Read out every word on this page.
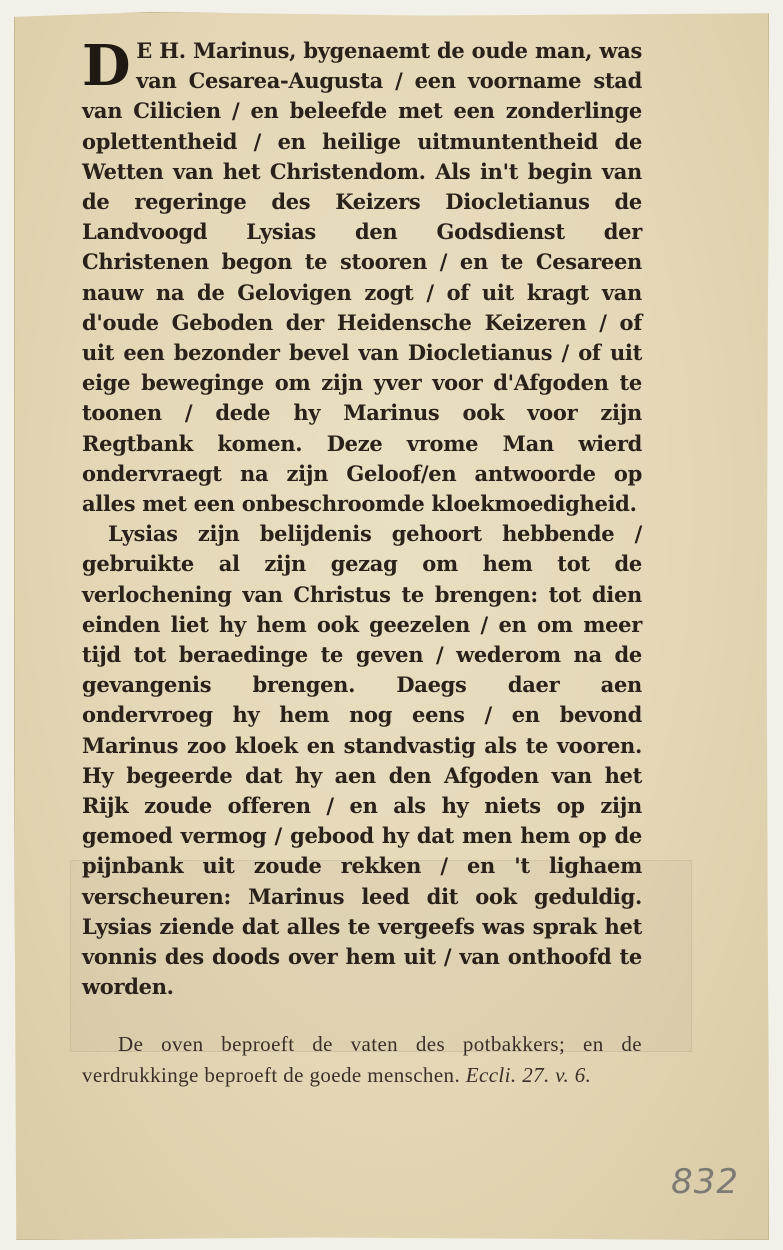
D E H. Marinus, bygenaemt de oude man, was van Cesarea-Augusta / een voorname stad van Cilicien / en beleefde met een zonderlinge oplettentheid / en heilige uitmuntentheid de Wetten van het Christendom. Als in't begin van de regeringe des Keizers Diocletianus de Landvoogd Lysias den Godsdienst der Christenen begon te stooren / en te Cesareen nauw na de Gelovigen zogt / of uit kragt van d'oude Geboden der Heidensche Keizeren / of uit een bezonder bevel van Diocletianus / of uit eige beweginge om zijn yver voor d'Afgoden te toonen / dede hy Marinus ook voor zijn Regtbank komen. Deze vrome Man wierd ondervraegt na zijn Geloof/en antwoorde op alles met een onbeschroomde kloekmoedigheid.

Lysias zijn belijdenis gehoort hebbende / gebruikte al zijn gezag om hem tot de verlochening van Christus te brengen: tot dien einden liet hy hem ook geezelen / en om meer tijd tot beraedinge te geven / wederom na de gevangenis brengen. Daegs daer aen ondervroeg hy hem nog eens / en bevond Marinus zoo kloek en standvastig als te vooren. Hy begeerde dat hy aen den Afgoden van het Rijk zoude offeren / en als hy niets op zijn gemoed vermog / gebood hy dat men hem op de pijnbank uit zoude rekken / en 't lighaem verscheuren: Marinus leed dit ook geduldig. Lysias ziende dat alles te vergeefs was sprak het vonnis des doods over hem uit / van onthoofd te worden.

De oven beproeft de vaten des potbakkers; en de verdrukkinge beproeft de goede menschen. Eccli. 27. v. 6.

832
